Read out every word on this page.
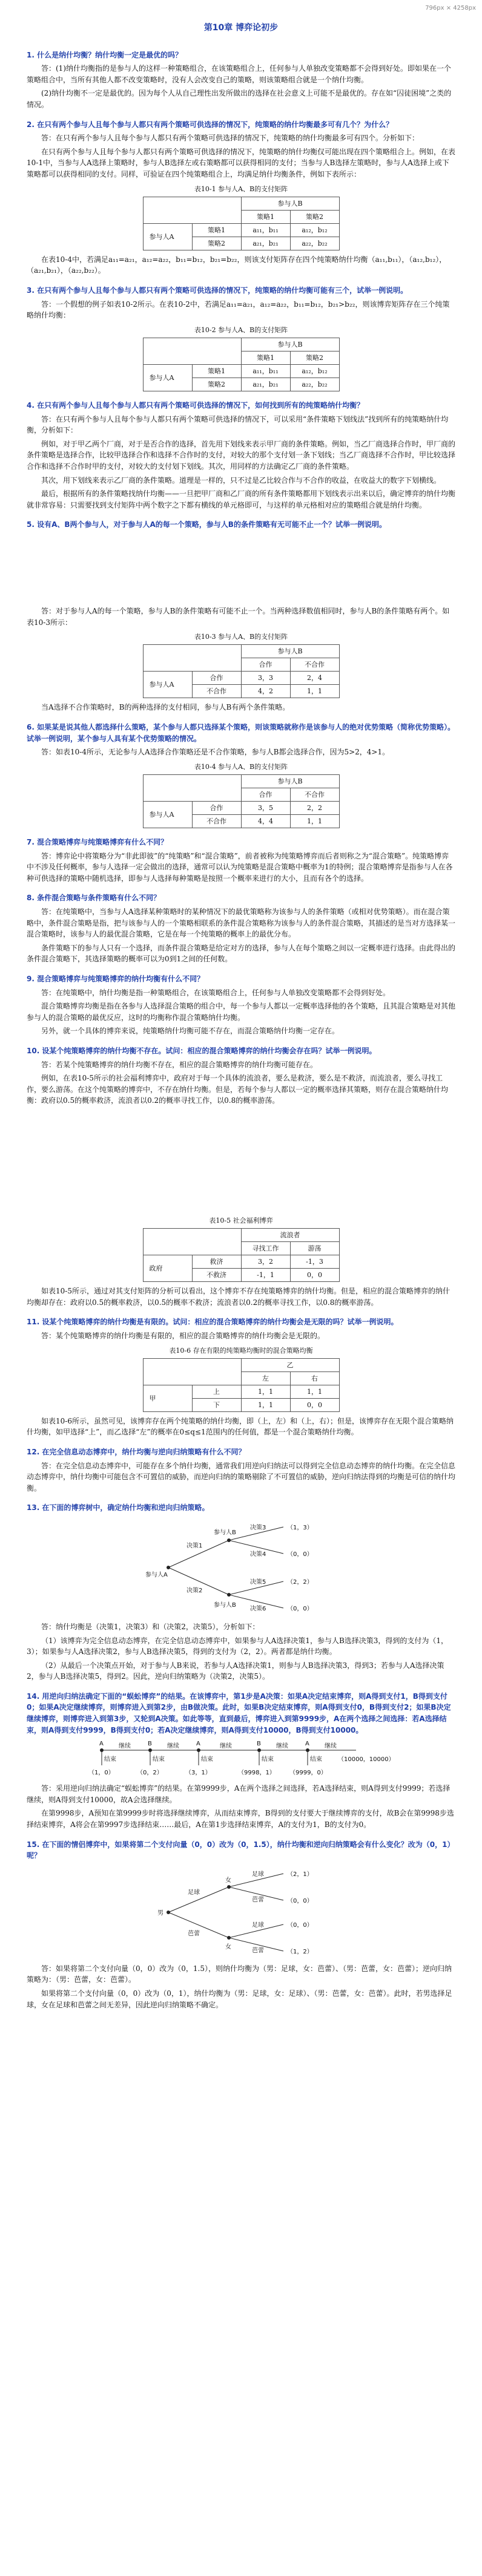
796px × 4258px
第10章 博弈论初步
1. 什么是纳什均衡？纳什均衡一定是最优的吗？

答：(1)纳什均衡指的是参与人的这样一种策略组合，在该策略组合上，任何参与人单独改变策略都不会得到好处。即如果在一个策略组合中，当所有其他人都不改变策略时，没有人会改变自己的策略，则该策略组合就是一个纳什均衡。

(2)纳什均衡不一定是最优的。因为每个人从自己理性出发所做出的选择在社会意义上可能不是最优的。存在如“囚徒困境”之类的情况。

2. 在只有两个参与人且每个参与人都只有两个策略可供选择的情况下，纯策略的纳什均衡最多可有几个？为什么？

答：在只有两个参与人且每个参与人都只有两个策略可供选择的情况下，纯策略的纳什均衡最多可有四个。分析如下：

在只有两个参与人且每个参与人都只有两个策略可供选择的情况下，纯策略的纳什均衡仅可能出现在四个策略组合上。例如，在表10-1中，当参与人A选择上策略时，参与人B选择左或右策略都可以获得相同的支付；当参与人B选择左策略时，参与人A选择上或下策略都可以获得相同的支付。同样，可验证在四个纯策略组合上，均满足纳什均衡条件，例如下表所示：

表10-1 参与人A、B的支付矩阵
		参与人B	
		策略1	策略2
参与人A	策略1	a₁₁，b₁₁	a₁₂，b₁₂
	策略2	a₂₁，b₂₁	a₂₂，b₂₂

在表10-4中，若满足a₁₁=a₂₁，a₁₂=a₂₂，b₁₁=b₁₂，b₂₁=b₂₂，则该支付矩阵存在四个纯策略纳什均衡（a₁₁,b₁₁），（a₁₂,b₁₂），（a₂₁,b₂₁），（a₂₂,b₂₂）。

3. 在只有两个参与人且每个参与人都只有两个策略可供选择的情况下，纯策略的纳什均衡可能有三个，试举一例说明。

答：一个假想的例子如表10-2所示。在表10-2中，若满足a₁₁=a₂₁，a₁₂=a₂₂，b₁₁=b₁₂，b₂₁>b₂₂，则该博弈矩阵存在三个纯策略纳什均衡：

表10-2 参与人A、B的支付矩阵
		参与人B	
		策略1	策略2
参与人A	策略1	a₁₁，b₁₁	a₁₂，b₁₂
	策略2	a₂₁，b₂₁	a₂₂，b₂₂
4. 在只有两个参与人且每个参与人都只有两个策略可供选择的情况下，如何找到所有的纯策略纳什均衡？

答：在只有两个参与人且每个参与人都只有两个策略可供选择的情况下，可以采用“条件策略下划线法”找到所有的纯策略纳什均衡，分析如下：

例如，对于甲乙两个厂商，对于是否合作的选择，首先用下划线来表示甲厂商的条件策略。例如，当乙厂商选择合作时，甲厂商的条件策略是选择合作，比较甲选择合作和选择不合作时的支付，对较大的那个支付划一条下划线；当乙厂商选择不合作时，甲比较选择合作和选择不合作时甲的支付，对较大的支付划下划线。其次，用同样的方法确定乙厂商的条件策略。

其次，用下划线来表示乙厂商的条件策略。道理是一样的，只不过是乙比较合作与不合作的收益，在收益大的数字下划横线。

最后，根据所有的条件策略找纳什均衡——一旦把甲厂商和乙厂商的所有条件策略都用下划线表示出来以后，确定博弈的纳什均衡就非常容易：只需要找到支付矩阵中两个数字之下都有横线的单元格即可，与这样的单元格相对应的策略组合就是纳什均衡。

5. 设有A、B两个参与人，对于参与人A的每一个策略，参与人B的条件策略有无可能不止一个？试举一例说明。

答：对于参与人A的每一个策略，参与人B的条件策略有可能不止一个。当两种选择数值相同时，参与人B的条件策略有两个。如表10-3所示：

表10-3 参与人A、B的支付矩阵
		参与人B	
		合作	不合作
参与人A	合作	3，3	2，4
	不合作	4，2	1，1

当A选择不合作策略时，B的两种选择的支付相同，参与人B有两个条件策略。

6. 如果某是说其他人都选择什么策略，某个参与人都只选择某个策略，则该策略就称作是该参与人的绝对优势策略（简称优势策略）。试举一例说明，某个参与人具有某个优势策略的情况。

答：如表10-4所示，无论参与人A选择合作策略还是不合作策略，参与人B都会选择合作，因为5>2，4>1。

表10-4 参与人A、B的支付矩阵
		参与人B	
		合作	不合作
参与人A	合作	3，5	2，2
	不合作	4，4	1，1
7. 混合策略博弈与纯策略博弈有什么不同？

答：博弈论中将策略分为“非此即彼”的“纯策略”和“混合策略”，前者被称为纯策略博弈而后者则称之为“混合策略”。纯策略博弈中不涉及任何概率，参与人选择一定会做出的选择，通常可以认为纯策略是混合策略中概率为1的特例；混合策略博弈是指参与人在各种可供选择的策略中随机选择，即参与人选择每种策略是按照一个概率来进行的大小，且而有各个的选择。

8. 条件混合策略与条件策略有什么不同？

答：在纯策略中，当参与人A选择某种策略时的某种情况下的最优策略称为该参与人的条件策略（或相对优势策略）。而在混合策略中，条件混合策略是指，把与该参与人的一个策略相联系的条件混合策略称为该参与人的条件混合策略，其描述的是当对方选择某一混合策略时，该参与人的最优混合策略，它是在每一个纯策略的概率上的最优分布。

条件策略下的参与人只有一个选择，而条件混合策略是给定对方的选择，参与人在每个策略之间以一定概率进行选择。由此得出的条件混合策略下，其选择策略的概率可以为0到1之间的任何数。

9. 混合策略博弈与纯策略博弈的纳什均衡有什么不同？

答：在纯策略中，纳什均衡是指一种策略组合，在该策略组合上，任何参与人单独改变策略都不会得到好处。

混合策略博弈均衡是指在各参与人选择混合策略的组合中，每一个参与人都以一定概率选择他的各个策略，且其混合策略是对其他参与人的混合策略的最优反应，这时的均衡称作混合策略纳什均衡。

另外，就一个具体的博弈来说，纯策略纳什均衡可能不存在，而混合策略纳什均衡一定存在。

10. 设某个纯策略博弈的纳什均衡不存在。试问：相应的混合策略博弈的纳什均衡会存在吗？试举一例说明。

答：若某个纯策略博弈的纳什均衡不存在，相应的混合策略博弈的纳什均衡可能存在。

例如，在表10-5所示的社会福利博弈中，政府对于每一个具体的流浪者，要么是救济，要么是不救济，而流浪者，要么寻找工作，要么游荡。在这个纯策略的博弈中，不存在纳什均衡。但是，若每个参与人都以一定的概率选择其策略，则存在混合策略纳什均衡：政府以0.5的概率救济，流浪者以0.2的概率寻找工作，以0.8的概率游荡。

表10-5 社会福利博弈
		流浪者	
		寻找工作	游荡
政府	救济	3，2	-1，3
	不救济	-1，1	0，0

如表10-5所示，通过对其支付矩阵的分析可以看出，这个博弈不存在纯策略博弈的纳什均衡。但是，相应的混合策略博弈的纳什均衡却存在：政府以0.5的概率救济，以0.5的概率不救济；流浪者以0.2的概率寻找工作，以0.8的概率游荡。

11. 设某个纯策略博弈的纳什均衡是有限的。试问：相应的混合策略博弈的纳什均衡会是无限的吗？试举一例说明。

答：某个纯策略博弈的纳什均衡是有限的，相应的混合策略博弈的纳什均衡会是无限的。

表10-6 存在有限的纯策略均衡时的混合策略均衡
		乙	
		左	右
甲	上	1，1	1，1
	下	1，1	0，0

如表10-6所示，虽然可见，该博弈存在两个纯策略的纳什均衡，即（上，左）和（上，右）；但是，该博弈存在无限个混合策略纳什均衡，如甲选择“上”，而乙选择“左”的概率在0≤q≤1范围内的任何值，都是一个混合策略纳什均衡。

12. 在完全信息动态博弈中，纳什均衡与逆向归纳策略有什么不同？

答：在完全信息动态博弈中，可能存在多个纳什均衡，通常我们用逆向归纳法可以得到完全信息动态博弈的纳什均衡。在完全信息动态博弈中，纳什均衡中可能包含不可置信的威胁，而逆向归纳的策略剔除了不可置信的威胁，逆向归纳法得到的均衡是可信的纳什均衡。

13. 在下面的博弈树中，确定纳什均衡和逆向归纳策略。
参与人A
决策1
决策2
参与人B
参与人B
决策3
决策4
决策5
决策6
（1，3）
（0，0）
（2，2）
（0，0）

答：纳什均衡是（决策1，决策3）和（决策2，决策5），分析如下：

（1）该博弈为完全信息动态博弈，在完全信息动态博弈中，如果参与人A选择决策1，参与人B选择决策3，得到的支付为（1，3）；如果参与人A选择决策2，参与人B选择决策5，得到的支付为（2，2）。两者都是纳什均衡。

（2）从最后一个决策点开始，对于参与人B来说，若参与人A选择决策1，则参与人B选择决策3，得到3；若参与人A选择决策2，参与人B选择决策5，得到2。因此，逆向归纳策略为（决策2，决策5）。

14. 用逆向归纳法确定下面的“蜈蚣博弈”的结果。在该博弈中，第1步是A决策：如果A决定结束博弈，则A得到支付1，B得到支付0；如果A决定继续博弈，则博弈进入到第2步，由B做决策。此时，如果B决定结束博弈，则A得到支付0，B得到支付2；如果B决定继续博弈，则博弈进入到第3步，又轮到A决策。如此等等，直到最后，博弈进入到第9999步，A在两个选择之间选择：若A选择结束，则A得到支付9999，B得到支付0；若A决定继续博弈，则A得到支付10000，B得到支付10000。
A	B	A	B	A
继续	继续	继续	继续	继续
结束	结束	结束	结束	结束
（1，0）	（0，2）	（3，1）	（9998，1） （9999，0）
（10000，10000）

答：采用逆向归纳法确定“蜈蚣博弈”的结果。在第9999步，A在两个选择之间选择，若A选择结束，则A得到支付9999；若选择继续，则A得到支付10000，故A会选择继续。

在第9998步，A预知在第9999步时将选择继续博弈，从而结束博弈，B得到的支付要大于继续博弈的支付，故B会在第9998步选择结束博弈，A将会在第9997步选择结束……最后，A在第1步选择结束博弈，A的支付为1，B的支付为0。

15. 在下面的情侣博弈中，如果将第二个支付向量（0，0）改为（0，1.5），纳什均衡和逆向归纳策略会有什么变化？改为（0，1）呢？
男
足球
芭蕾
女
女
足球
芭蕾
足球
芭蕾
（2，1）
（0，0）
（0，0）
（1，2）

答：如果将第二个支付向量（0，0）改为（0，1.5），则纳什均衡为（男：足球，女：芭蕾）、（男：芭蕾，女：芭蕾）；逆向归纳策略为：（男：芭蕾，女：芭蕾）。

如果将第二个支付向量（0，0）改为（0，1），纳什均衡为（男：足球，女：足球）、（男：芭蕾，女：芭蕾）。此时，若男选择足球，女在足球和芭蕾之间无差异，因此逆向归纳策略不确定。
